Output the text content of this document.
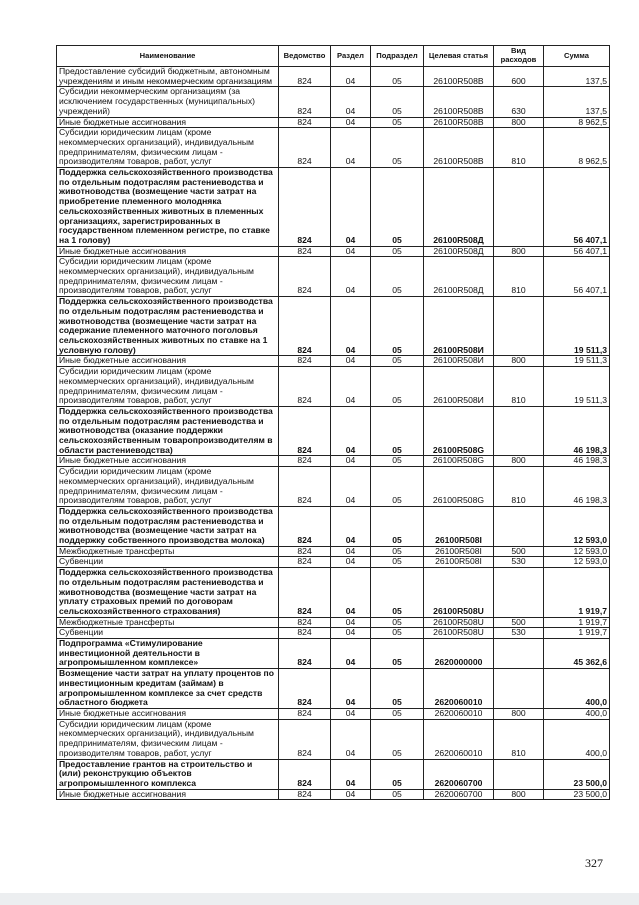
Наименование	Ведомство	Раздел	Подраздел	Целевая статья	Вид расходов	Сумма
Предоставление субсидий бюджетным, автономным учреждениям и иным некоммерческим организациям	824	04	05	26100R508B	600	137,5
Субсидии некоммерческим организациям (за исключением государственных (муниципальных) учреждений)	824	04	05	26100R508B	630	137,5
Иные бюджетные ассигнования	824	04	05	26100R508B	800	8 962,5
Субсидии юридическим лицам (кроме некоммерческих организаций), индивидуальным предпринимателям, физическим лицам - производителям товаров, работ, услуг	824	04	05	26100R508B	810	8 962,5
Поддержка сельскохозяйственного производства по отдельным подотраслям растениеводства и животноводства (возмещение части затрат на приобретение племенного молодняка сельскохозяйственных животных в племенных организациях, зарегистрированных в государственном племенном регистре, по ставке на 1 голову)	824	04	05	26100R508Д		56 407,1
Иные бюджетные ассигнования	824	04	05	26100R508Д	800	56 407,1
Субсидии юридическим лицам (кроме некоммерческих организаций), индивидуальным предпринимателям, физическим лицам - производителям товаров, работ, услуг	824	04	05	26100R508Д	810	56 407,1
Поддержка сельскохозяйственного производства по отдельным подотраслям растениеводства и животноводства (возмещение части затрат на содержание племенного маточного поголовья сельскохозяйственных животных по ставке на 1 условную голову)	824	04	05	26100R508И		19 511,3
Иные бюджетные ассигнования	824	04	05	26100R508И	800	19 511,3
Субсидии юридическим лицам (кроме некоммерческих организаций), индивидуальным предпринимателям, физическим лицам - производителям товаров, работ, услуг	824	04	05	26100R508И	810	19 511,3
Поддержка сельскохозяйственного производства по отдельным подотраслям растениеводства и животноводства (оказание поддержки сельскохозяйственным товаропроизводителям в области растениеводства)	824	04	05	26100R508G		46 198,3
Иные бюджетные ассигнования	824	04	05	26100R508G	800	46 198,3
Субсидии юридическим лицам (кроме некоммерческих организаций), индивидуальным предпринимателям, физическим лицам - производителям товаров, работ, услуг	824	04	05	26100R508G	810	46 198,3
Поддержка сельскохозяйственного производства по отдельным подотраслям растениеводства и животноводства (возмещение части затрат на поддержку собственного производства молока)	824	04	05	26100R508I		12 593,0
Межбюджетные трансферты	824	04	05	26100R508I	500	12 593,0
Субвенции	824	04	05	26100R508I	530	12 593,0
Поддержка сельскохозяйственного производства по отдельным подотраслям растениеводства и животноводства (возмещение части затрат на уплату страховых премий по договорам сельскохозяйственного страхования)	824	04	05	26100R508U		1 919,7
Межбюджетные трансферты	824	04	05	26100R508U	500	1 919,7
Субвенции	824	04	05	26100R508U	530	1 919,7
Подпрограмма «Стимулирование инвестиционной деятельности в агропромышленном комплексе»	824	04	05	2620000000		45 362,6
Возмещение части затрат на уплату процентов по инвестиционным кредитам (займам) в агропромышленном комплексе за счет средств областного бюджета	824	04	05	2620060010		400,0
Иные бюджетные ассигнования	824	04	05	2620060010	800	400,0
Субсидии юридическим лицам (кроме некоммерческих организаций), индивидуальным предпринимателям, физическим лицам - производителям товаров, работ, услуг	824	04	05	2620060010	810	400,0
Предоставление грантов на строительство и (или) реконструкцию объектов агропромышленного комплекса	824	04	05	2620060700		23 500,0
Иные бюджетные ассигнования	824	04	05	2620060700	800	23 500,0
327
